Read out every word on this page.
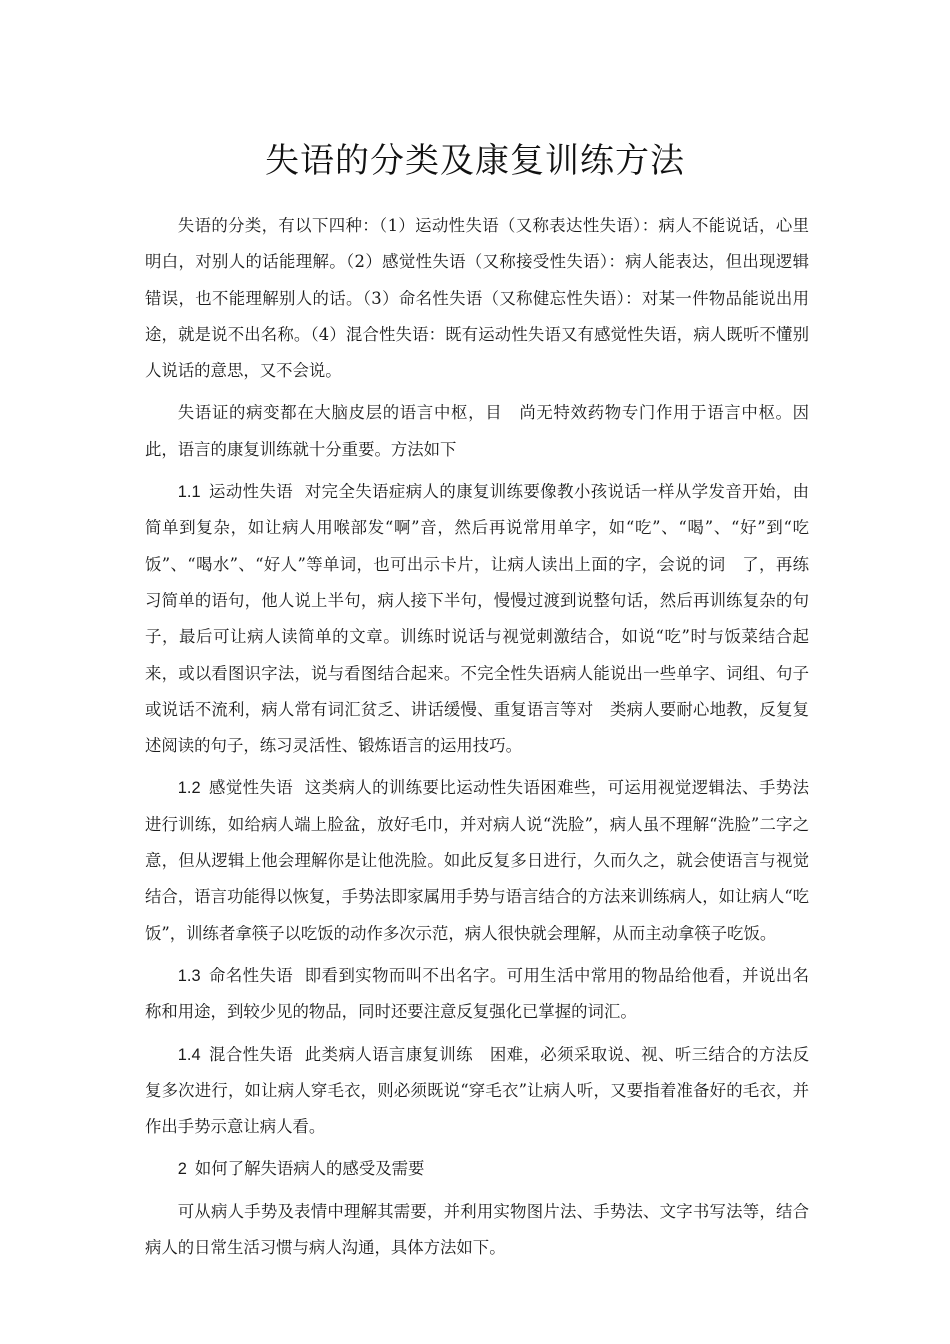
失语的分类及康复训练方法

失语的分类，有以下四种：（1）运动性失语（又称表达性失语）：病人不能说话，心里明白，对别人的话能理解。（2）感觉性失语（又称接受性失语）：病人能表达，但出现逻辑错误，也不能理解别人的话。（3）命名性失语（又称健忘性失语）：对某一件物品能说出用途，就是说不出名称。（4）混合性失语：既有运动性失语又有感觉性失语，病人既听不懂别人说话的意思，又不会说。

失语证的病变都在大脑皮层的语言中枢，目　尚无特效药物专门作用于语言中枢。因此，语言的康复训练就十分重要。方法如下

1.1 运动性失语 对完全失语症病人的康复训练要像教小孩说话一样从学发音开始，由简单到复杂，如让病人用喉部发“啊”音，然后再说常用单字，如“吃”、“喝”、“好”到“吃饭”、“喝水”、“好人”等单词，也可出示卡片，让病人读出上面的字，会说的词　了，再练习简单的语句，他人说上半句，病人接下半句，慢慢过渡到说整句话，然后再训练复杂的句子，最后可让病人读简单的文章。训练时说话与视觉刺激结合，如说“吃”时与饭菜结合起来，或以看图识字法，说与看图结合起来。不完全性失语病人能说出一些单字、词组、句子或说话不流利，病人常有词汇贫乏、讲话缓慢、重复语言等对　类病人要耐心地教，反复复述阅读的句子，练习灵活性、锻炼语言的运用技巧。

1.2 感觉性失语 这类病人的训练要比运动性失语困难些，可运用视觉逻辑法、手势法进行训练，如给病人端上脸盆，放好毛巾，并对病人说“洗脸”，病人虽不理解“洗脸”二字之意，但从逻辑上他会理解你是让他洗脸。如此反复多日进行，久而久之，就会使语言与视觉结合，语言功能得以恢复，手势法即家属用手势与语言结合的方法来训练病人，如让病人“吃饭”，训练者拿筷子以吃饭的动作多次示范，病人很快就会理解，从而主动拿筷子吃饭。

1.3 命名性失语 即看到实物而叫不出名字。可用生活中常用的物品给他看，并说出名称和用途，到较少见的物品，同时还要注意反复强化已掌握的词汇。

1.4 混合性失语 此类病人语言康复训练　困难，必须采取说、视、听三结合的方法反复多次进行，如让病人穿毛衣，则必须既说“穿毛衣”让病人听，又要指着准备好的毛衣，并作出手势示意让病人看。

2 如何了解失语病人的感受及需要

可从病人手势及表情中理解其需要，并利用实物图片法、手势法、文字书写法等，结合病人的日常生活习惯与病人沟通，具体方法如下。
